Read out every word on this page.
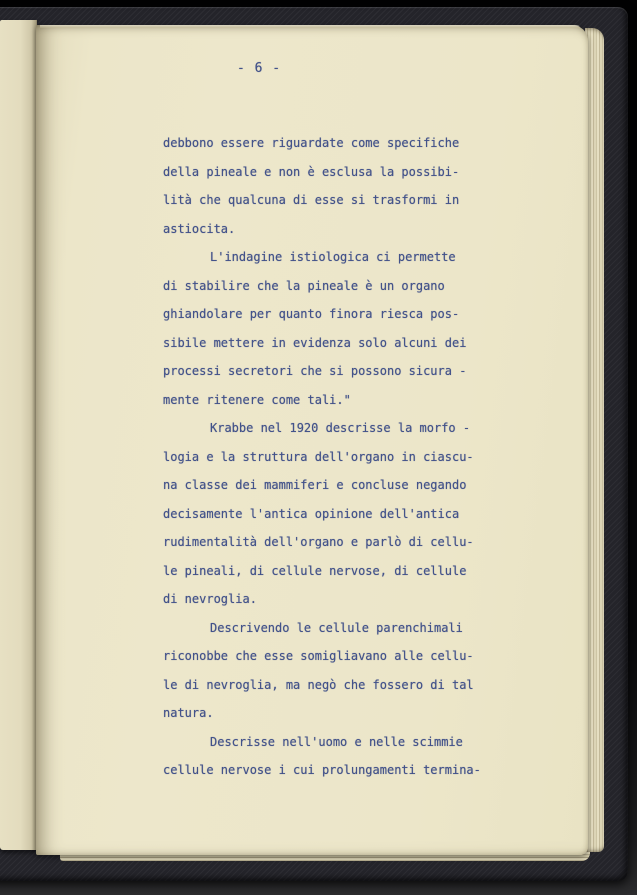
- 6 -
debbono essere riguardate come specifiche
della pineale e non è esclusa la possibi-
lità che qualcuna di esse si trasformi in
astiocita.
L'indagine istiologica ci permette
di stabilire che la pineale è un organo
ghiandolare per quanto finora riesca pos-
sibile mettere in evidenza solo alcuni dei
processi secretori che si possono sicura -
mente ritenere come tali."
Krabbe nel 1920 descrisse la morfo -
logia e la struttura dell'organo in ciascu-
na classe dei mammiferi e concluse negando
decisamente l'antica opinione dell'antica
rudimentalità dell'organo e parlò di cellu-
le pineali, di cellule nervose, di cellule
di nevroglia.
Descrivendo le cellule parenchimali
riconobbe che esse somigliavano alle cellu-
le di nevroglia, ma negò che fossero di tal
natura.
Descrisse nell'uomo e nelle scimmie
cellule nervose i cui prolungamenti termina-
